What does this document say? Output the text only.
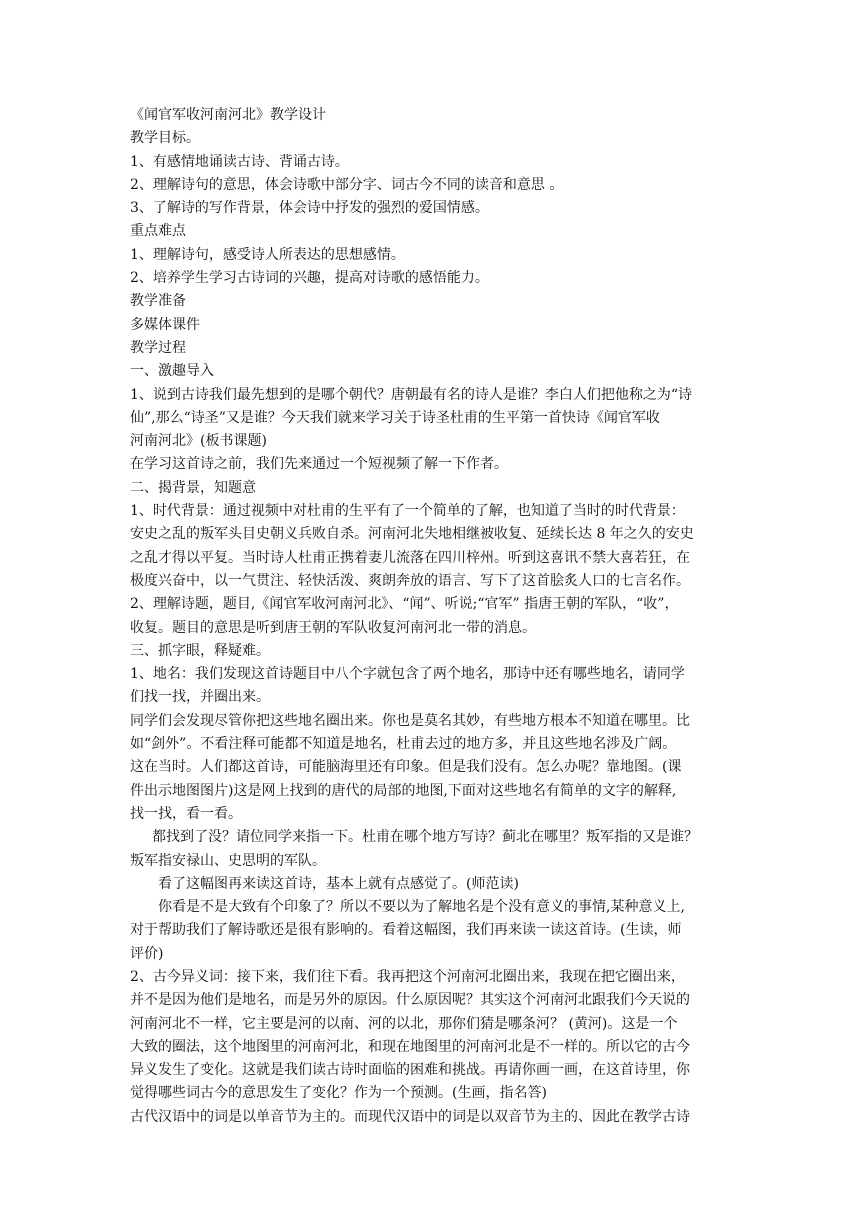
《闻官军收河南河北》教学设计
教学目标。
1、有感情地诵读古诗、背诵古诗。
2、理解诗句的意思，体会诗歌中部分字、词古今不同的读音和意思 。
3、了解诗的写作背景，体会诗中抒发的强烈的爱国情感。
重点难点
1、理解诗句，感受诗人所表达的思想感情。
2、培养学生学习古诗词的兴趣，提高对诗歌的感悟能力。
教学准备
多媒体课件
教学过程
一、激趣导入
1、说到古诗我们最先想到的是哪个朝代？唐朝最有名的诗人是谁？李白人们把他称之为“诗
仙”,那么“诗圣”又是谁？今天我们就来学习关于诗圣杜甫的生平第一首快诗《闻官军收
河南河北》(板书课题)
在学习这首诗之前，我们先来通过一个短视频了解一下作者。
二、揭背景，知题意
1、时代背景：通过视频中对杜甫的生平有了一个简单的了解，也知道了当时的时代背景：
安史之乱的叛军头目史朝义兵败自杀。河南河北失地相继被收复、延续长达 8 年之久的安史
之乱才得以平复。当时诗人杜甫正携着妻儿流落在四川梓州。听到这喜讯不禁大喜若狂，在
极度兴奋中，以一气贯注、轻快活泼、爽朗奔放的语言、写下了这首脍炙人口的七言名作。
2、理解诗题，题目,《闻官军收河南河北》、“闻”、听说;“官军” 指唐王朝的军队，“收”，
收复。题目的意思是听到唐王朝的军队收复河南河北一带的消息。
三、抓字眼，释疑难。
1、地名：我们发现这首诗题目中八个字就包含了两个地名，那诗中还有哪些地名，请同学
们找一找，并圈出来。
同学们会发现尽管你把这些地名圈出来。你也是莫名其妙，有些地方根本不知道在哪里。比
如“剑外”。不看注释可能都不知道是地名，杜甫去过的地方多，并且这些地名涉及广阔。
这在当时。人们都这首诗，可能脑海里还有印象。但是我们没有。怎么办呢？靠地图。(课
件出示地图图片)这是网上找到的唐代的局部的地图,下面对这些地名有简单的文字的解释,
找一找，看一看。
都找到了没？请位同学来指一下。杜甫在哪个地方写诗？蓟北在哪里？叛军指的又是谁？
叛军指安禄山、史思明的军队。
看了这幅图再来读这首诗，基本上就有点感觉了。(师范读)
你看是不是大致有个印象了？所以不要以为了解地名是个没有意义的事情,某种意义上,
对于帮助我们了解诗歌还是很有影响的。看着这幅图，我们再来读一读这首诗。(生读，师
评价)
2、古今异义词：接下来，我们往下看。我再把这个河南河北圈出来，我现在把它圈出来，
并不是因为他们是地名，而是另外的原因。什么原因呢？其实这个河南河北跟我们今天说的
河南河北不一样，它主要是河的以南、河的以北，那你们猜是哪条河？ (黄河)。这是一个
大致的圈法，这个地图里的河南河北，和现在地图里的河南河北是不一样的。所以它的古今
异义发生了变化。这就是我们读古诗时面临的困难和挑战。再请你画一画，在这首诗里，你
觉得哪些词古今的意思发生了变化？作为一个预测。(生画，指名答)
古代汉语中的词是以单音节为主的。而现代汉语中的词是以双音节为主的、因此在教学古诗
